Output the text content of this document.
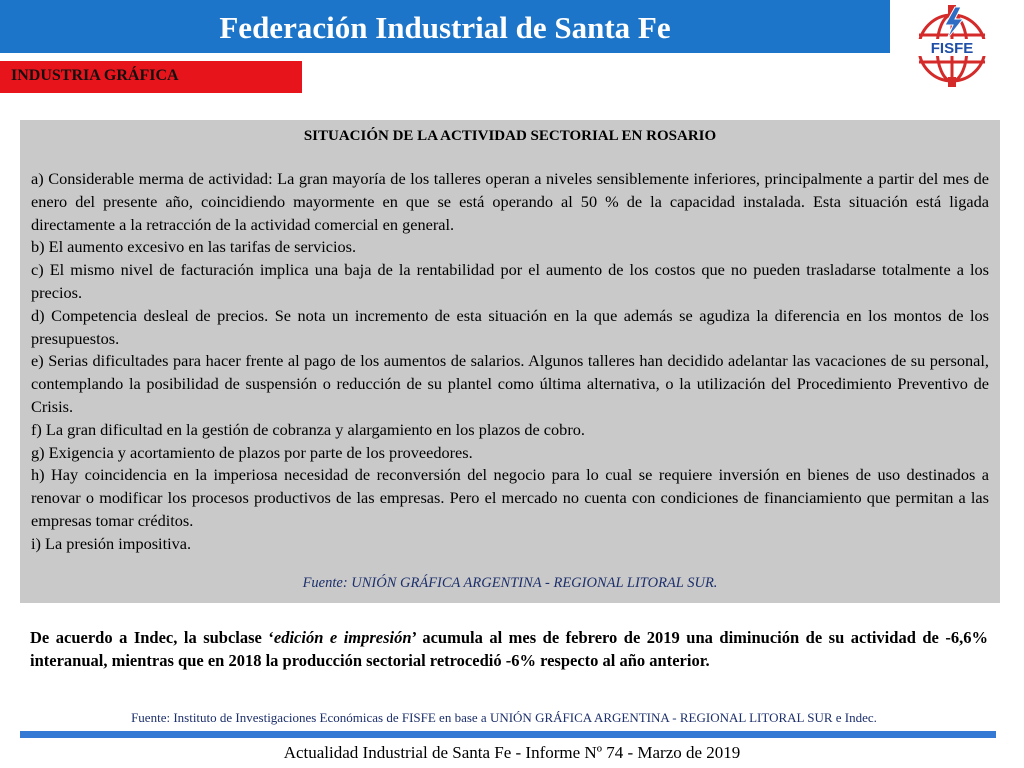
Federación Industrial de Santa Fe
FISFE
INDUSTRIA GRÁFICA
SITUACIÓN DE LA ACTIVIDAD SECTORIAL EN ROSARIO

a) Considerable merma de actividad: La gran mayoría de los talleres operan a niveles sensiblemente inferiores, principalmente a partir del mes de enero del presente año, coincidiendo mayormente en que se está operando al 50 % de la capacidad instalada. Esta situación está ligada directamente a la retracción de la actividad comercial en general.

b) El aumento excesivo en las tarifas de servicios.

c) El mismo nivel de facturación implica una baja de la rentabilidad por el aumento de los costos que no pueden trasladarse totalmente a los precios.

d) Competencia desleal de precios. Se nota un incremento de esta situación en la que además se agudiza la diferencia en los montos de los presupuestos.

e) Serias dificultades para hacer frente al pago de los aumentos de salarios. Algunos talleres han decidido adelantar las vacaciones de su personal, contemplando la posibilidad de suspensión o reducción de su plantel como última alternativa, o la utilización del Procedimiento Preventivo de Crisis.

f) La gran dificultad en la gestión de cobranza y alargamiento en los plazos de cobro.

g) Exigencia y acortamiento de plazos por parte de los proveedores.

h) Hay coincidencia en la imperiosa necesidad de reconversión del negocio para lo cual se requiere inversión en bienes de uso destinados a renovar o modificar los procesos productivos de las empresas. Pero el mercado no cuenta con condiciones de financiamiento que permitan a las empresas tomar créditos.

i) La presión impositiva.

Fuente: UNIÓN GRÁFICA ARGENTINA - REGIONAL LITORAL SUR.
De acuerdo a Indec, la subclase ‘edición e impresión’ acumula al mes de febrero de 2019 una diminución de su actividad de -6,6% interanual, mientras que en 2018 la producción sectorial retrocedió -6% respecto al año anterior.
Fuente: Instituto de Investigaciones Económicas de FISFE en base a UNIÓN GRÁFICA ARGENTINA - REGIONAL LITORAL SUR e Indec.
Actualidad Industrial de Santa Fe - Informe Nº 74 - Marzo de 2019
